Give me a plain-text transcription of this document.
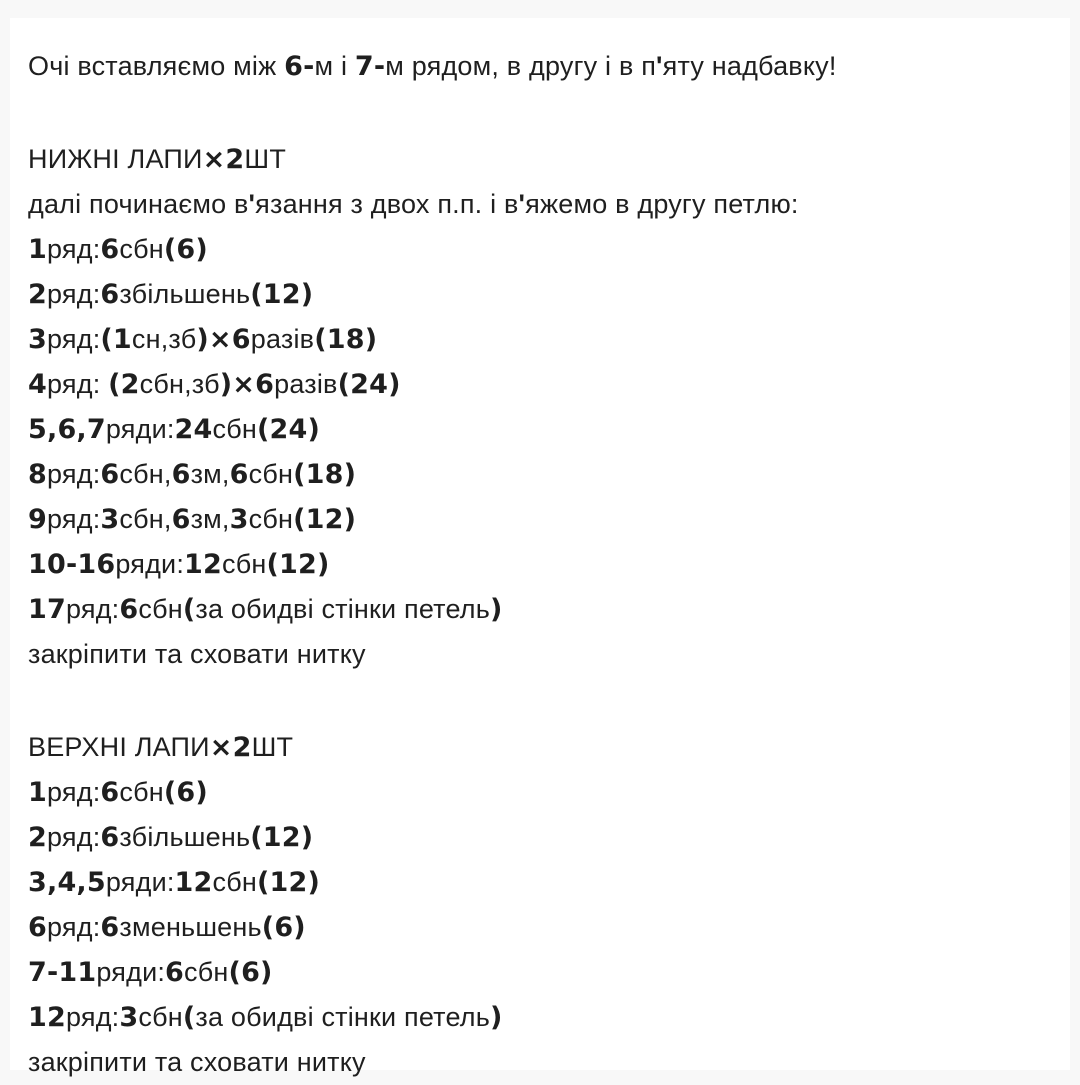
Очі вставляємо між 6-м і 7-м рядом, в другу і в п'яту надбавку!
НИЖНІ ЛАПИ×2ШТ
далі починаємо в'язання з двох п.п. і в'яжемо в другу петлю:
1ряд:6сбн(6)
2ряд:6збільшень(12)
3ряд:(1сн,зб)×6разів(18)
4ряд: (2сбн,зб)×6разів(24)
5,6,7ряди:24сбн(24)
8ряд:6сбн,6зм,6сбн(18)
9ряд:3сбн,6зм,3сбн(12)
10-16ряди:12сбн(12)
17ряд:6сбн(за обидві стінки петель)
закріпити та сховати нитку
ВЕРХНІ ЛАПИ×2ШТ
1ряд:6сбн(6)
2ряд:6збільшень(12)
3,4,5ряди:12сбн(12)
6ряд:6зменьшень(6)
7-11ряди:6сбн(6)
12ряд:3сбн(за обидві стінки петель)
закріпити та сховати нитку
